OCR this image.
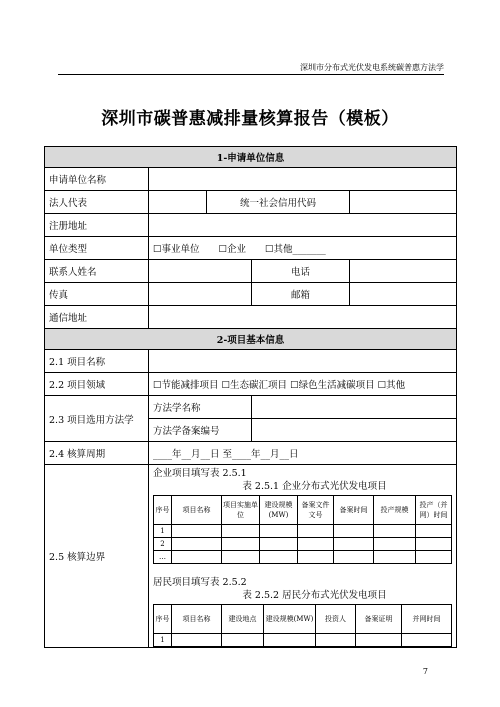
深圳市分布式光伏发电系统碳普惠方法学
深圳市碳普惠减排量核算报告（模板）
1-申请单位信息
申请单位名称	
法人代表		统一社会信用代码	
注册地址	
单位类型	☐事业单位　　☐企业　　☐其他_______
联系人姓名		电话	
传真		邮箱	
通信地址	
2-项目基本信息
2.1 项目名称	
2.2 项目领域	☐节能减排项目 ☐生态碳汇项目 ☐绿色生活减碳项目 ☐其他
2.3 项目选用方法学	方法学名称	
方法学备案编号	
2.4 核算周期	____年__月__日 至____年__月__日
2.5 核算边界	
企业项目填写表 2.5.1
表 2.5.1 企业分布式光伏发电项目
序号	项目名称	项目实施单位	建设规模(MW)	备案文件文号	备案时间	投产规模	投产（并网）时间
1							
2							
…							
居民项目填写表 2.5.2
表 2.5.2 居民分布式光伏发电项目
序号	项目名称	建设地点	建设规模(MW)	投资人	备案证明	并网时间
1						
7
